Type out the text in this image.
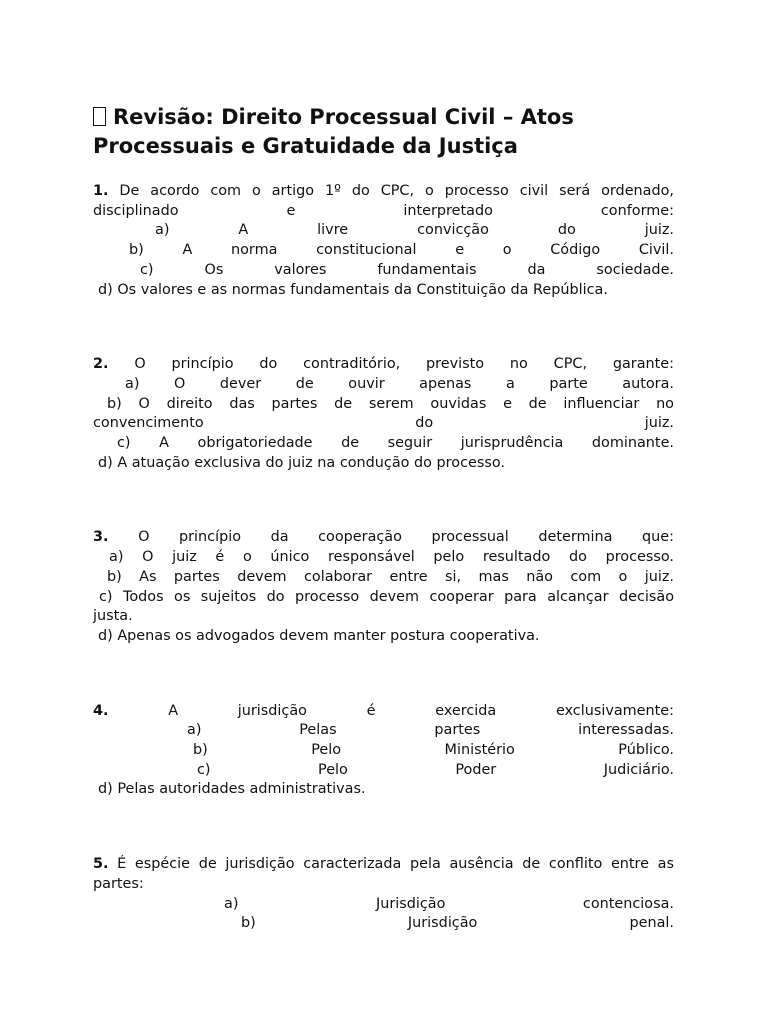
Revisão: Direito Processual Civil – Atos
Processuais e Gratuidade da Justiça
1. De acordo com o artigo 1º do CPC, o processo civil será ordenado,
disciplinado e interpretado conforme:
a) A livre convicção do juiz.
b) A norma constitucional e o Código Civil.
c) Os valores fundamentais da sociedade.
d) Os valores e as normas fundamentais da Constituição da República.
2. O princípio do contraditório, previsto no CPC, garante:
a) O dever de ouvir apenas a parte autora.
b) O direito das partes de serem ouvidas e de influenciar no
convencimento do juiz.
c) A obrigatoriedade de seguir jurisprudência dominante.
d) A atuação exclusiva do juiz na condução do processo.
3. O princípio da cooperação processual determina que:
a) O juiz é o único responsável pelo resultado do processo.
b) As partes devem colaborar entre si, mas não com o juiz.
c) Todos os sujeitos do processo devem cooperar para alcançar decisão
justa.
d) Apenas os advogados devem manter postura cooperativa.
4.	A jurisdição é exercida exclusivamente:
a) Pelas partes interessadas.
b) Pelo Ministério Público.
c) Pelo Poder Judiciário.
d) Pelas autoridades administrativas.
5. É espécie de jurisdição caracterizada pela ausência de conflito entre as
partes:
a) Jurisdição contenciosa.
b) Jurisdição penal.
